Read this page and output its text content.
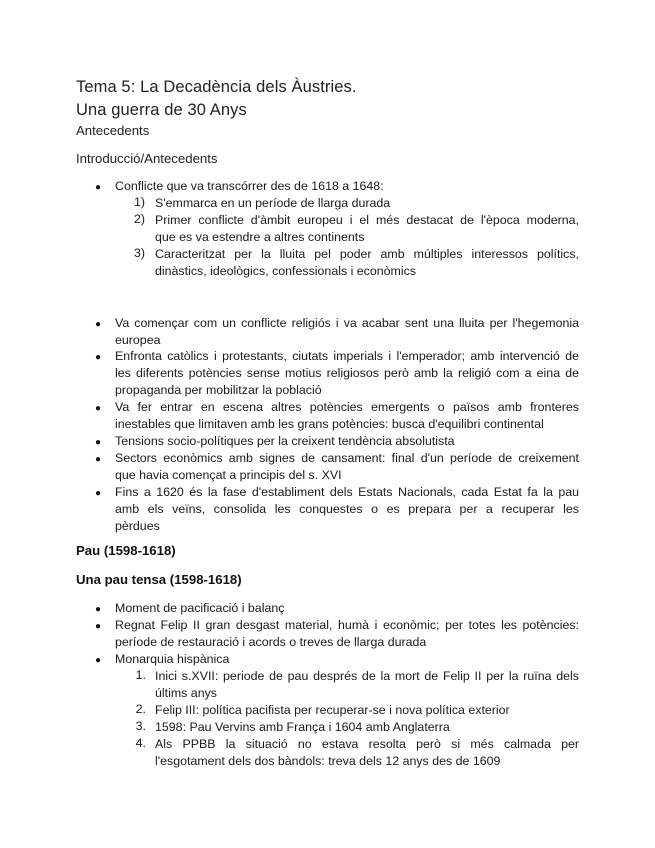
Tema 5: La Decadència dels Àustries.
Una guerra de 30 Anys
Antecedents
Introducció/Antecedents
● Conflicte que va transcórrer des de 1618 a 1648:
1) S'emmarca en un període de llarga durada
2) Primer conflicte d'àmbit europeu i el més destacat de l'època moderna,
que es va estendre a altres continents
3) Caracteritzat per la lluita pel poder amb múltiples interessos polítics,
dinàstics, ideològics, confessionals i econòmics
● Va començar com un conflicte religiós i va acabar sent una lluita per l'hegemonia
europea
● Enfronta catòlics i protestants, ciutats imperials i l'emperador; amb intervenció de
les diferents potències sense motius religiosos però amb la religió com a eina de
propaganda per mobilitzar la població
● Va fer entrar en escena altres potències emergents o països amb fronteres
inestables que limitaven amb les grans potències: busca d'equilibri continental
● Tensions socio-polítiques per la creixent tendència absolutista
● Sectors econòmics amb signes de cansament: final d'un període de creixement
que havia començat a principis del s. XVI
● Fins a 1620 és la fase d'establiment dels Estats Nacionals, cada Estat fa la pau
amb els veïns, consolida les conquestes o es prepara per a recuperar les
pèrdues
Pau (1598-1618)
Una pau tensa (1598-1618)
● Moment de pacificació i balanç
● Regnat Felip II gran desgast material, humà i econòmic; per totes les potències:
període de restauració i acords o treves de llarga durada
● Monarquia hispànica
1. Inici s.XVII: periode de pau després de la mort de Felip II per la ruïna dels
últims anys
2. Felip III: política pacifista per recuperar-se i nova política exterior
3. 1598: Pau Vervins amb França i 1604 amb Anglaterra
4. Als PPBB la situació no estava resolta però si més calmada per
l'esgotament dels dos bàndols: treva dels 12 anys des de 1609
